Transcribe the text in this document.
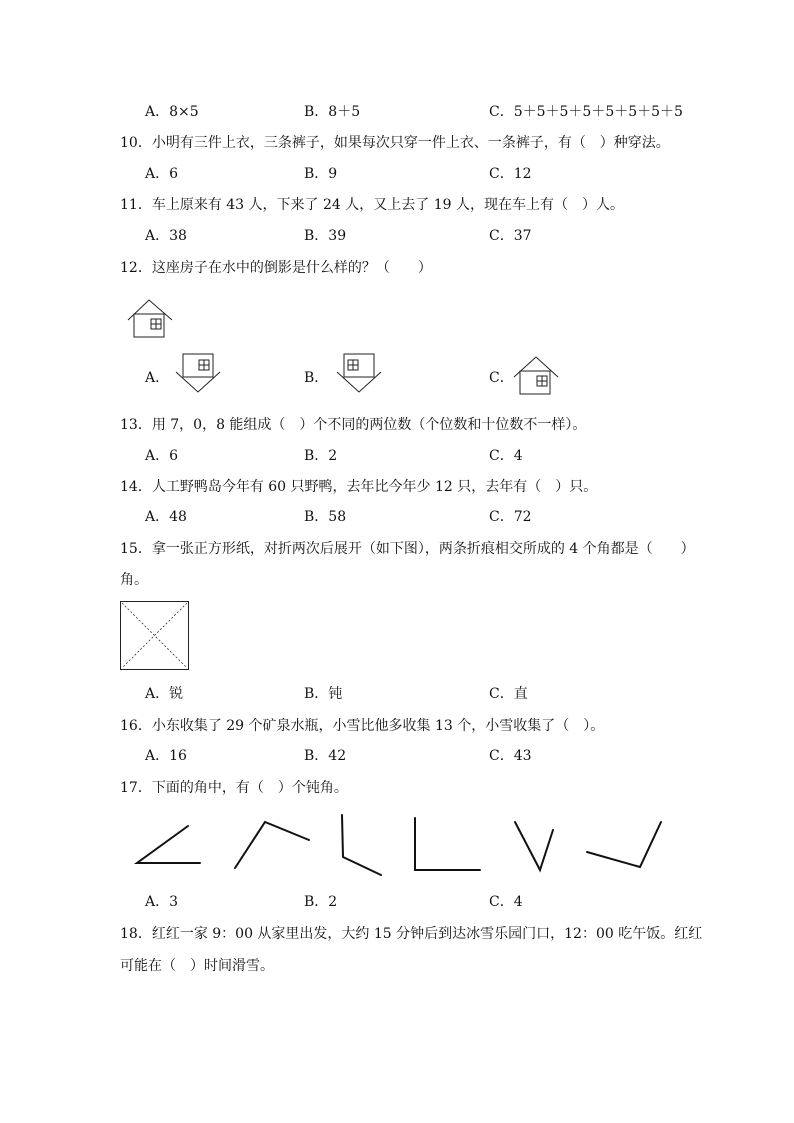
A．8×5	B．8＋5	C．5＋5＋5＋5＋5＋5＋5＋5
10．小明有三件上衣，三条裤子，如果每次只穿一件上衣、一条裤子，有（　）种穿法。
A．6	B．9	C．12
11．车上原来有 43 人，下来了 24 人，又上去了 19 人，现在车上有（　）人。
A．38	B．39	C．37
12．这座房子在水中的倒影是什么样的？（　　）
A．	B．	C．
13．用 7，0，8 能组成（　）个不同的两位数（个位数和十位数不一样）。
A．6	B．2	C．4
14．人工野鸭岛今年有 60 只野鸭，去年比今年少 12 只，去年有（　）只。
A．48	B．58	C．72
15．拿一张正方形纸，对折两次后展开（如下图），两条折痕相交所成的 4 个角都是（　　）
角。
A．锐	B．钝	C．直
16．小东收集了 29 个矿泉水瓶，小雪比他多收集 13 个，小雪收集了（　）。
A．16	B．42	C．43
17．下面的角中，有（　）个钝角。
A．3	B．2	C．4
18．红红一家 9：00 从家里出发，大约 15 分钟后到达冰雪乐园门口，12：00 吃午饭。红红
可能在（　）时间滑雪。
